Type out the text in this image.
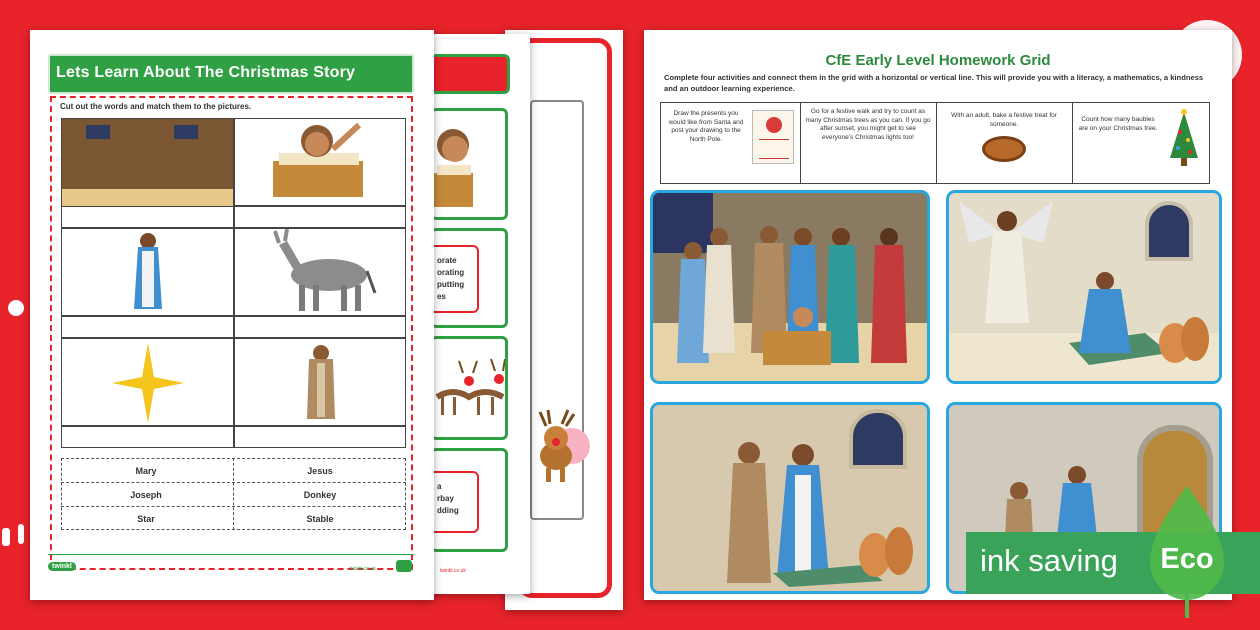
orate
orating
putting
es
a
rbay
dding
twinkl.co.uk
Lets Learn About The Christmas Story
Cut out the words and match them to the pictures.
Mary	Jesus
Joseph	Donkey
Star	Stable
twinkl	twinkl.co.uk
CfE Early Level Homework Grid
Complete four activities and connect them in the grid with a horizontal or vertical line. This will provide you with a literacy, a mathematics, a kindness and an outdoor learning experience.
Draw the presents you would like from Santa and post your drawing to the North Pole.
Go for a festive walk and try to count as many Christmas trees as you can. If you go after sunset, you might get to see everyone's Christmas lights too!
With an adult, bake a festive treat for someone.
Count how many baubles are on your Christmas tree.
ink saving Eco
